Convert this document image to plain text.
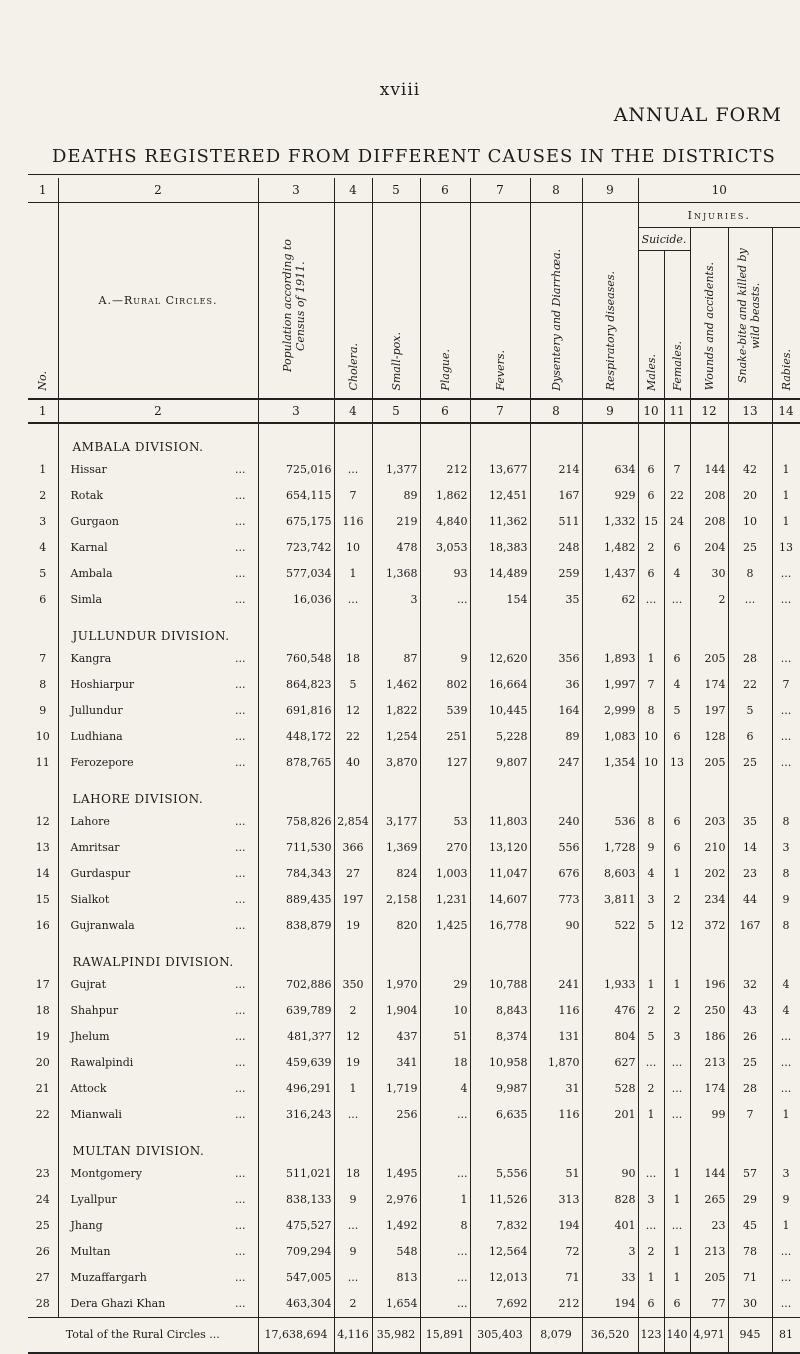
xviii
ANNUAL FORM
DEATHS REGISTERED FROM DIFFERENT CAUSES IN THE DISTRICTS
1	2	3	4	5	6	7	8	9	10					
No.	A.—Rural Circles.	Population according to Census of 1911.	Cholera.	Small-pox.	Plague.	Fevers.	Dysentery and Diarrhœa.	Respiratory diseases.	Injuries.					
									Suicide.		Wounds and accidents.	Snake-bite and killed by wild beasts.	Rabies.	
									Males.	Females.				
1	2	3	4	5	6	7	8	9	10	11	12	13	14	
	AMBALA DIVISION.													
1	Hissar ...	725,016	...	1,377	212	13,677	214	634	6	7	144	42	1	
2	Rotak ...	654,115	7	89	1,862	12,451	167	929	6	22	208	20	1	
3	Gurgaon ...	675,175	116	219	4,840	11,362	511	1,332	15	24	208	10	1	
4	Karnal ...	723,742	10	478	3,053	18,383	248	1,482	2	6	204	25	13	
5	Ambala ...	577,034	1	1,368	93	14,489	259	1,437	6	4	30	8	...	
6	Simla ...	16,036	...	3	...	154	35	62	...	...	2	...	...	
	JULLUNDUR DIVISION.													
7	Kangra ...	760,548	18	87	9	12,620	356	1,893	1	6	205	28	...	
8	Hoshiarpur ...	864,823	5	1,462	802	16,664	36	1,997	7	4	174	22	7	
9	Jullundur ...	691,816	12	1,822	539	10,445	164	2,999	8	5	197	5	...	
10	Ludhiana ...	448,172	22	1,254	251	5,228	89	1,083	10	6	128	6	...	
11	Ferozepore ...	878,765	40	3,870	127	9,807	247	1,354	10	13	205	25	...	
	LAHORE DIVISION.													
12	Lahore ...	758,826	2,854	3,177	53	11,803	240	536	8	6	203	35	8	
13	Amritsar ...	711,530	366	1,369	270	13,120	556	1,728	9	6	210	14	3	
14	Gurdaspur ...	784,343	27	824	1,003	11,047	676	8,603	4	1	202	23	8	
15	Sialkot ...	889,435	197	2,158	1,231	14,607	773	3,811	3	2	234	44	9	
16	Gujranwala ...	838,879	19	820	1,425	16,778	90	522	5	12	372	167	8	
	RAWALPINDI DIVISION.													
17	Gujrat ...	702,886	350	1,970	29	10,788	241	1,933	1	1	196	32	4	
18	Shahpur ...	639,789	2	1,904	10	8,843	116	476	2	2	250	43	4	
19	Jhelum ...	481,3?7	12	437	51	8,374	131	804	5	3	186	26	...	
20	Rawalpindi ...	459,639	19	341	18	10,958	1,870	627	...	...	213	25	...	
21	Attock ...	496,291	1	1,719	4	9,987	31	528	2	...	174	28	...	
22	Mianwali ...	316,243	...	256	...	6,635	116	201	1	...	99	7	1	
	MULTAN DIVISION.													
23	Montgomery ...	511,021	18	1,495	...	5,556	51	90	...	1	144	57	3	
24	Lyallpur ...	838,133	9	2,976	1	11,526	313	828	3	1	265	29	9	
25	Jhang ...	475,527	...	1,492	8	7,832	194	401	...	...	23	45	1	
26	Multan ...	709,294	9	548	...	12,564	72	3	2	1	213	78	...	
27	Muzaffargarh ...	547,005	...	813	...	12,013	71	33	1	1	205	71	...	
28	Dera Ghazi Khan ...	463,304	2	1,654	...	7,692	212	194	6	6	77	30	...	
Total of the Rural Circles ...		17,638,694	4,116	35,982	15,891	305,403	8,079	36,520	123	140	4,971	945	81	
